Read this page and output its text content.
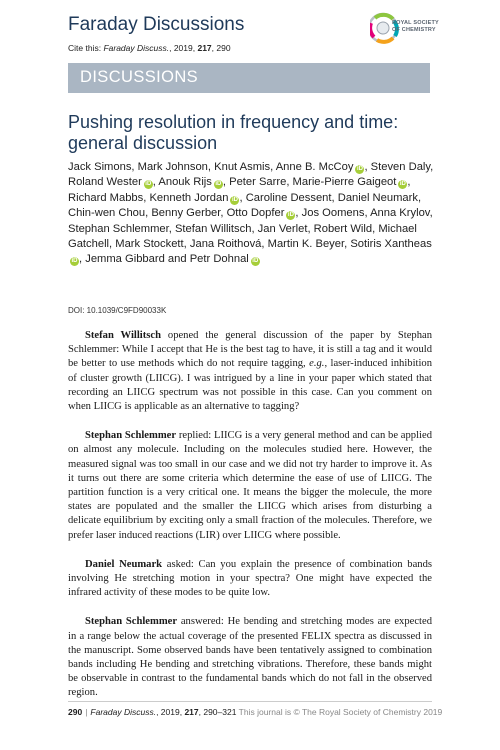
Faraday Discussions
Cite this: Faraday Discuss., 2019, 217, 290
ROYAL SOCIETY
OF CHEMISTRY
DISCUSSIONS
Pushing resolution in frequency and time: general discussion
Jack Simons, Mark Johnson, Knut Asmis, Anne B. McCoy iD , Steven Daly, Roland Wester iD , Anouk Rijs iD , Peter Sarre, Marie-Pierre Gaigeot iD , Richard Mabbs, Kenneth Jordan iD , Caroline Dessent, Daniel Neumark, Chin-wen Chou, Benny Gerber, Otto Dopfer iD , Jos Oomens, Anna Krylov, Stephan Schlemmer, Stefan Willitsch, Jan Verlet, Robert Wild, Michael Gatchell, Mark Stockett, Jana Roithová, Martin K. Beyer, Sotiris XantheasiD , Jemma Gibbard and Petr Dohnal iD
DOI: 10.1039/C9FD90033K

Stefan Willitsch opened the general discussion of the paper by Stephan Schlemmer: While I accept that He is the best tag to have, it is still a tag and it would be better to use methods which do not require tagging, e.g., laser-induced inhibition of cluster growth (LIICG). I was intrigued by a line in your paper which stated that recording an LIICG spectrum was not possible in this case. Can you comment on when LIICG is applicable as an alternative to tagging?

Stephan Schlemmer replied: LIICG is a very general method and can be applied on almost any molecule. Including on the molecules studied here. However, the measured signal was too small in our case and we did not try harder to improve it. As it turns out there are some criteria which determine the ease of use of LIICG. The partition function is a very critical one. It means the bigger the molecule, the more states are populated and the smaller the LIICG which arises from disturbing a delicate equilibrium by exciting only a small fraction of the molecules. Therefore, we prefer laser induced reactions (LIR) over LIICG where possible.

Daniel Neumark asked: Can you explain the presence of combination bands involving He stretching motion in your spectra? One might have expected the infrared activity of these modes to be quite low.

Stephan Schlemmer answered: He bending and stretching modes are expected in a range below the actual coverage of the presented FELIX spectra as discussed in the manuscript. Some observed bands have been tentatively assigned to combination bands including He bending and stretching vibrations. Therefore, these bands might be observable in contrast to the fundamental bands which do not fall in the observed region.

290 | Faraday Discuss., 2019, 217, 290–321 This journal is © The Royal Society of Chemistry 2019
